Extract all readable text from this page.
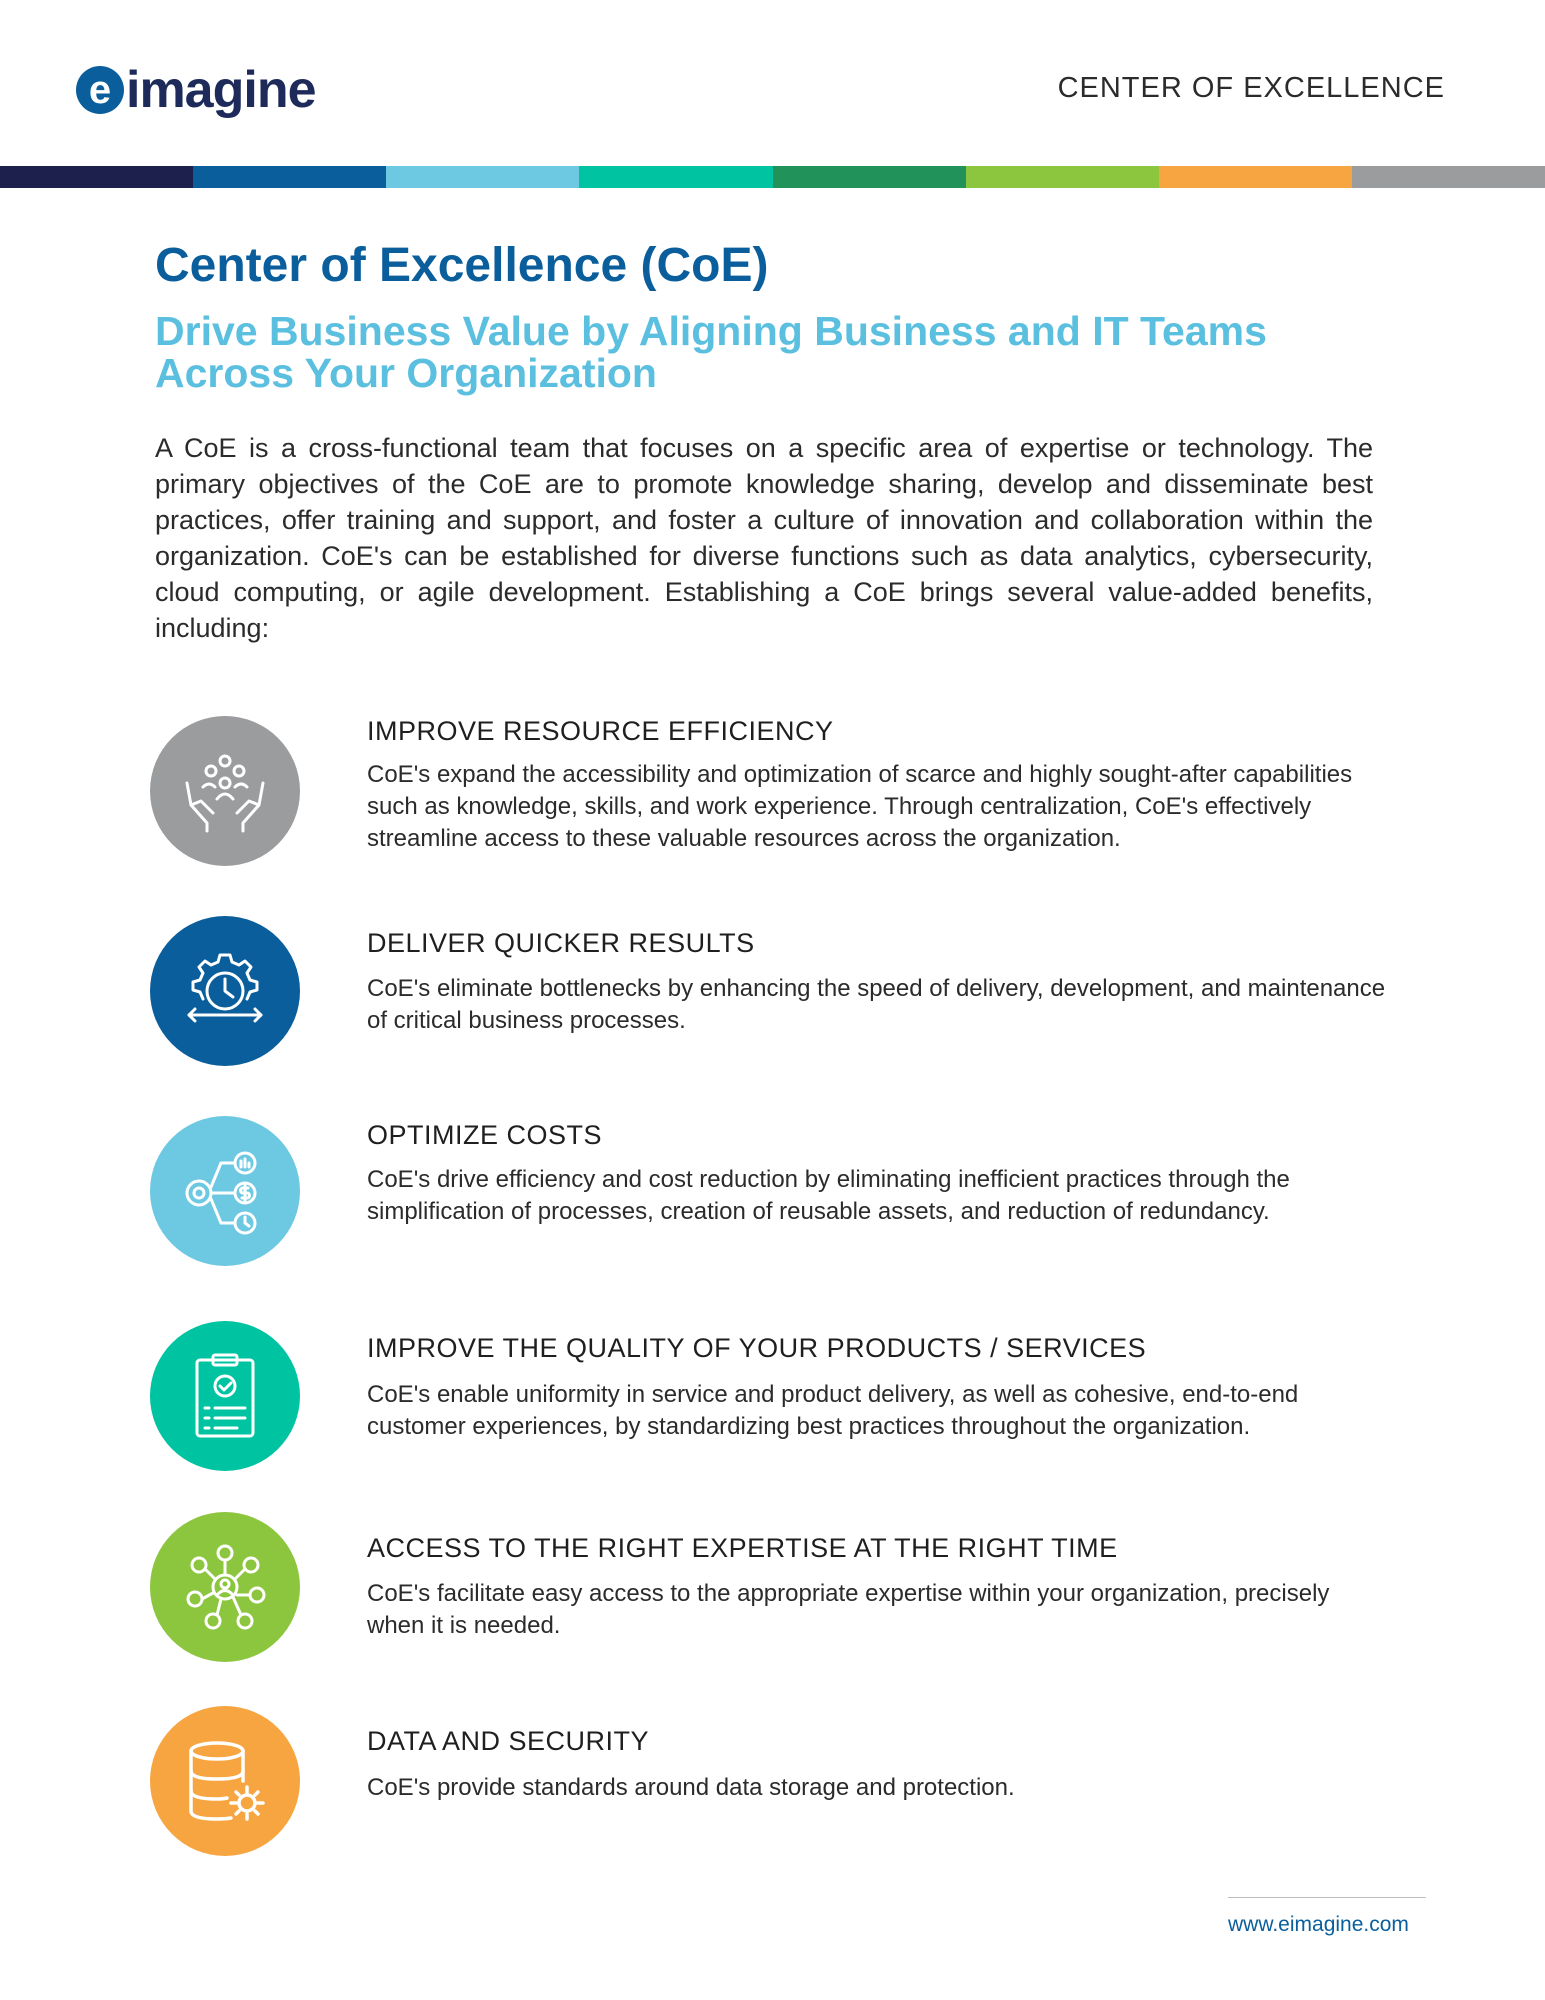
e imagine	CENTER OF EXCELLENCE
Center of Excellence (CoE)
Drive Business Value by Aligning Business and IT Teams Across Your Organization

A CoE is a cross-functional team that focuses on a specific area of expertise or technology. The primary objectives of the CoE are to promote knowledge sharing, develop and disseminate best practices, offer training and support, and foster a culture of innovation and collaboration within the organization. CoE's can be established for diverse functions such as data analytics, cybersecurity, cloud computing, or agile development. Establishing a CoE brings several value-added benefits, including:

IMPROVE RESOURCE EFFICIENCY

CoE's expand the accessibility and optimization of scarce and highly sought-after capabilities such as knowledge, skills, and work experience. Through centralization, CoE's effectively streamline access to these valuable resources across the organization.

DELIVER QUICKER RESULTS

CoE's eliminate bottlenecks by enhancing the speed of delivery, development, and maintenance of critical business processes.

OPTIMIZE COSTS

CoE's drive efficiency and cost reduction by eliminating inefficient practices through the simplification of processes, creation of reusable assets, and reduction of redundancy.

IMPROVE THE QUALITY OF YOUR PRODUCTS / SERVICES

CoE's enable uniformity in service and product delivery, as well as cohesive, end-to-end customer experiences, by standardizing best practices throughout the organization.

ACCESS TO THE RIGHT EXPERTISE AT THE RIGHT TIME

CoE's facilitate easy access to the appropriate expertise within your organization, precisely when it is needed.

DATA AND SECURITY

CoE's provide standards around data storage and protection.

www.eimagine.com
